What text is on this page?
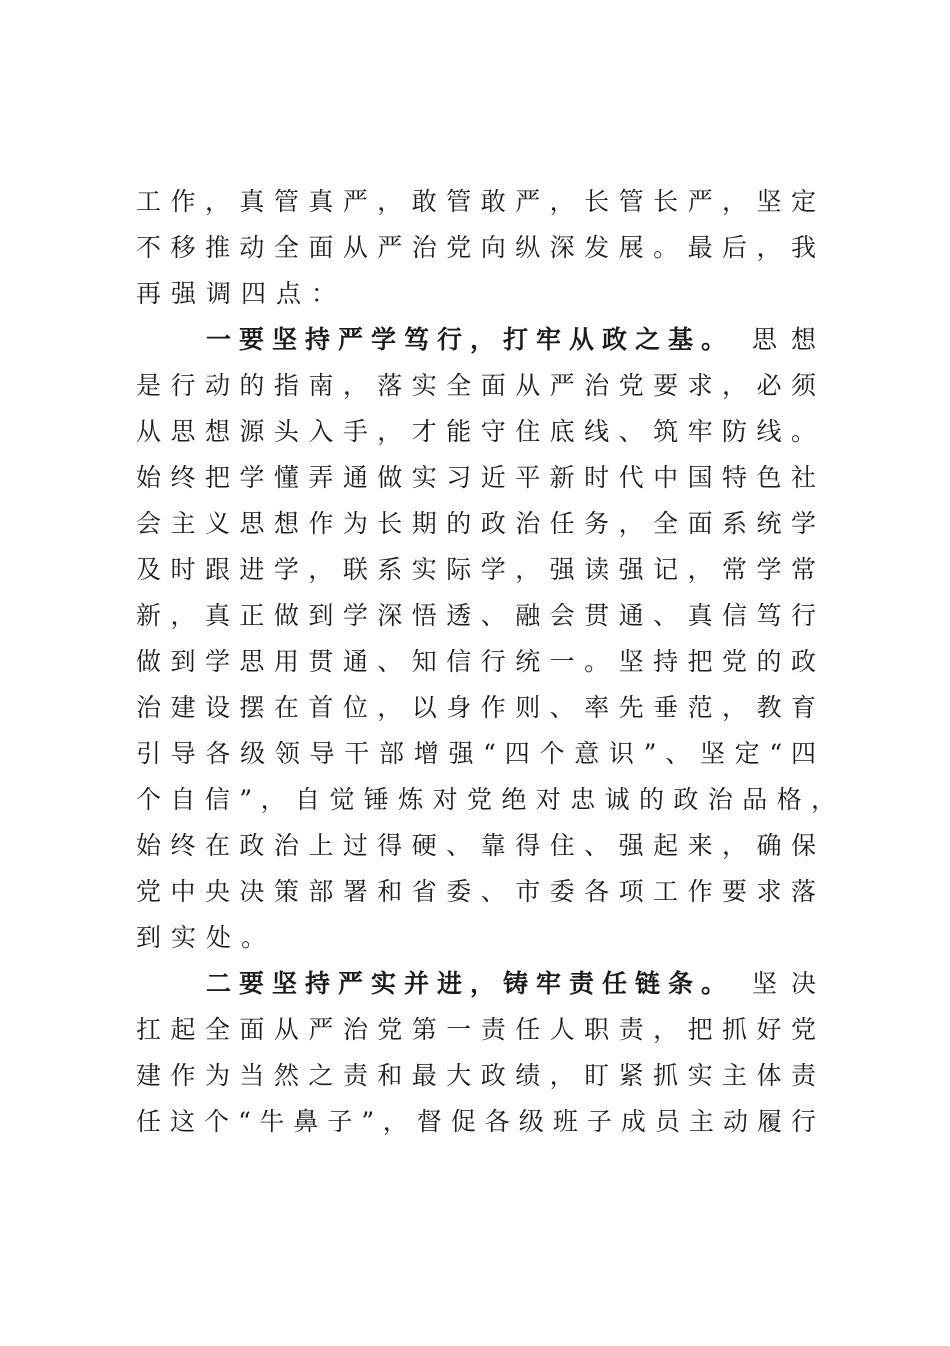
工 作 ， 真 管 真 严 ， 敢 管 敢 严 ， 长 管 长 严 ， 坚 定
不 移 推 动 全 面 从 严 治 党 向 纵 深 发 展 。 最 后 ， 我
再强调四点：
一要坚持严学笃行，打牢从政之基。 思 想
是 行 动 的 指 南 ， 落 实 全 面 从 严 治 党 要 求 ， 必 须
从 思 想 源 头 入 手 ， 才 能 守 住 底 线 、 筑 牢 防 线 。
始 终 把 学 懂 弄 通 做 实 习 近 平 新 时 代 中 国 特 色 社
会 主 义 思 想 作 为 长 期 的 政 治 任 务 ， 全 面 系 统 学
及 时 跟 进 学 ， 联 系 实 际 学 ， 强 读 强 记 ， 常 学 常
新 ， 真 正 做 到 学 深 悟 透 、 融 会 贯 通 、 真 信 笃 行
做 到 学 思 用 贯 通 、 知 信 行 统 一 。 坚 持 把 党 的 政
治 建 设 摆 在 首 位 ， 以 身 作 则 、 率 先 垂 范 ， 教 育
引 导 各 级 领 导 干 部 增 强 “ 四 个 意 识 ” 、 坚 定 “ 四
个 自 信 ” ， 自 觉 锤 炼 对 党 绝 对 忠 诚 的 政 治 品 格 ，
始 终 在 政 治 上 过 得 硬 、 靠 得 住 、 强 起 来 ， 确 保
党 中 央 决 策 部 署 和 省 委 、 市 委 各 项 工 作 要 求 落
到实处。
二要坚持严实并进，铸牢责任链条。 坚 决
扛 起 全 面 从 严 治 党 第 一 责 任 人 职 责 ， 把 抓 好 党
建 作 为 当 然 之 责 和 最 大 政 绩 ， 盯 紧 抓 实 主 体 责
任 这 个 “ 牛 鼻 子 ” ， 督 促 各 级 班 子 成 员 主 动 履 行
